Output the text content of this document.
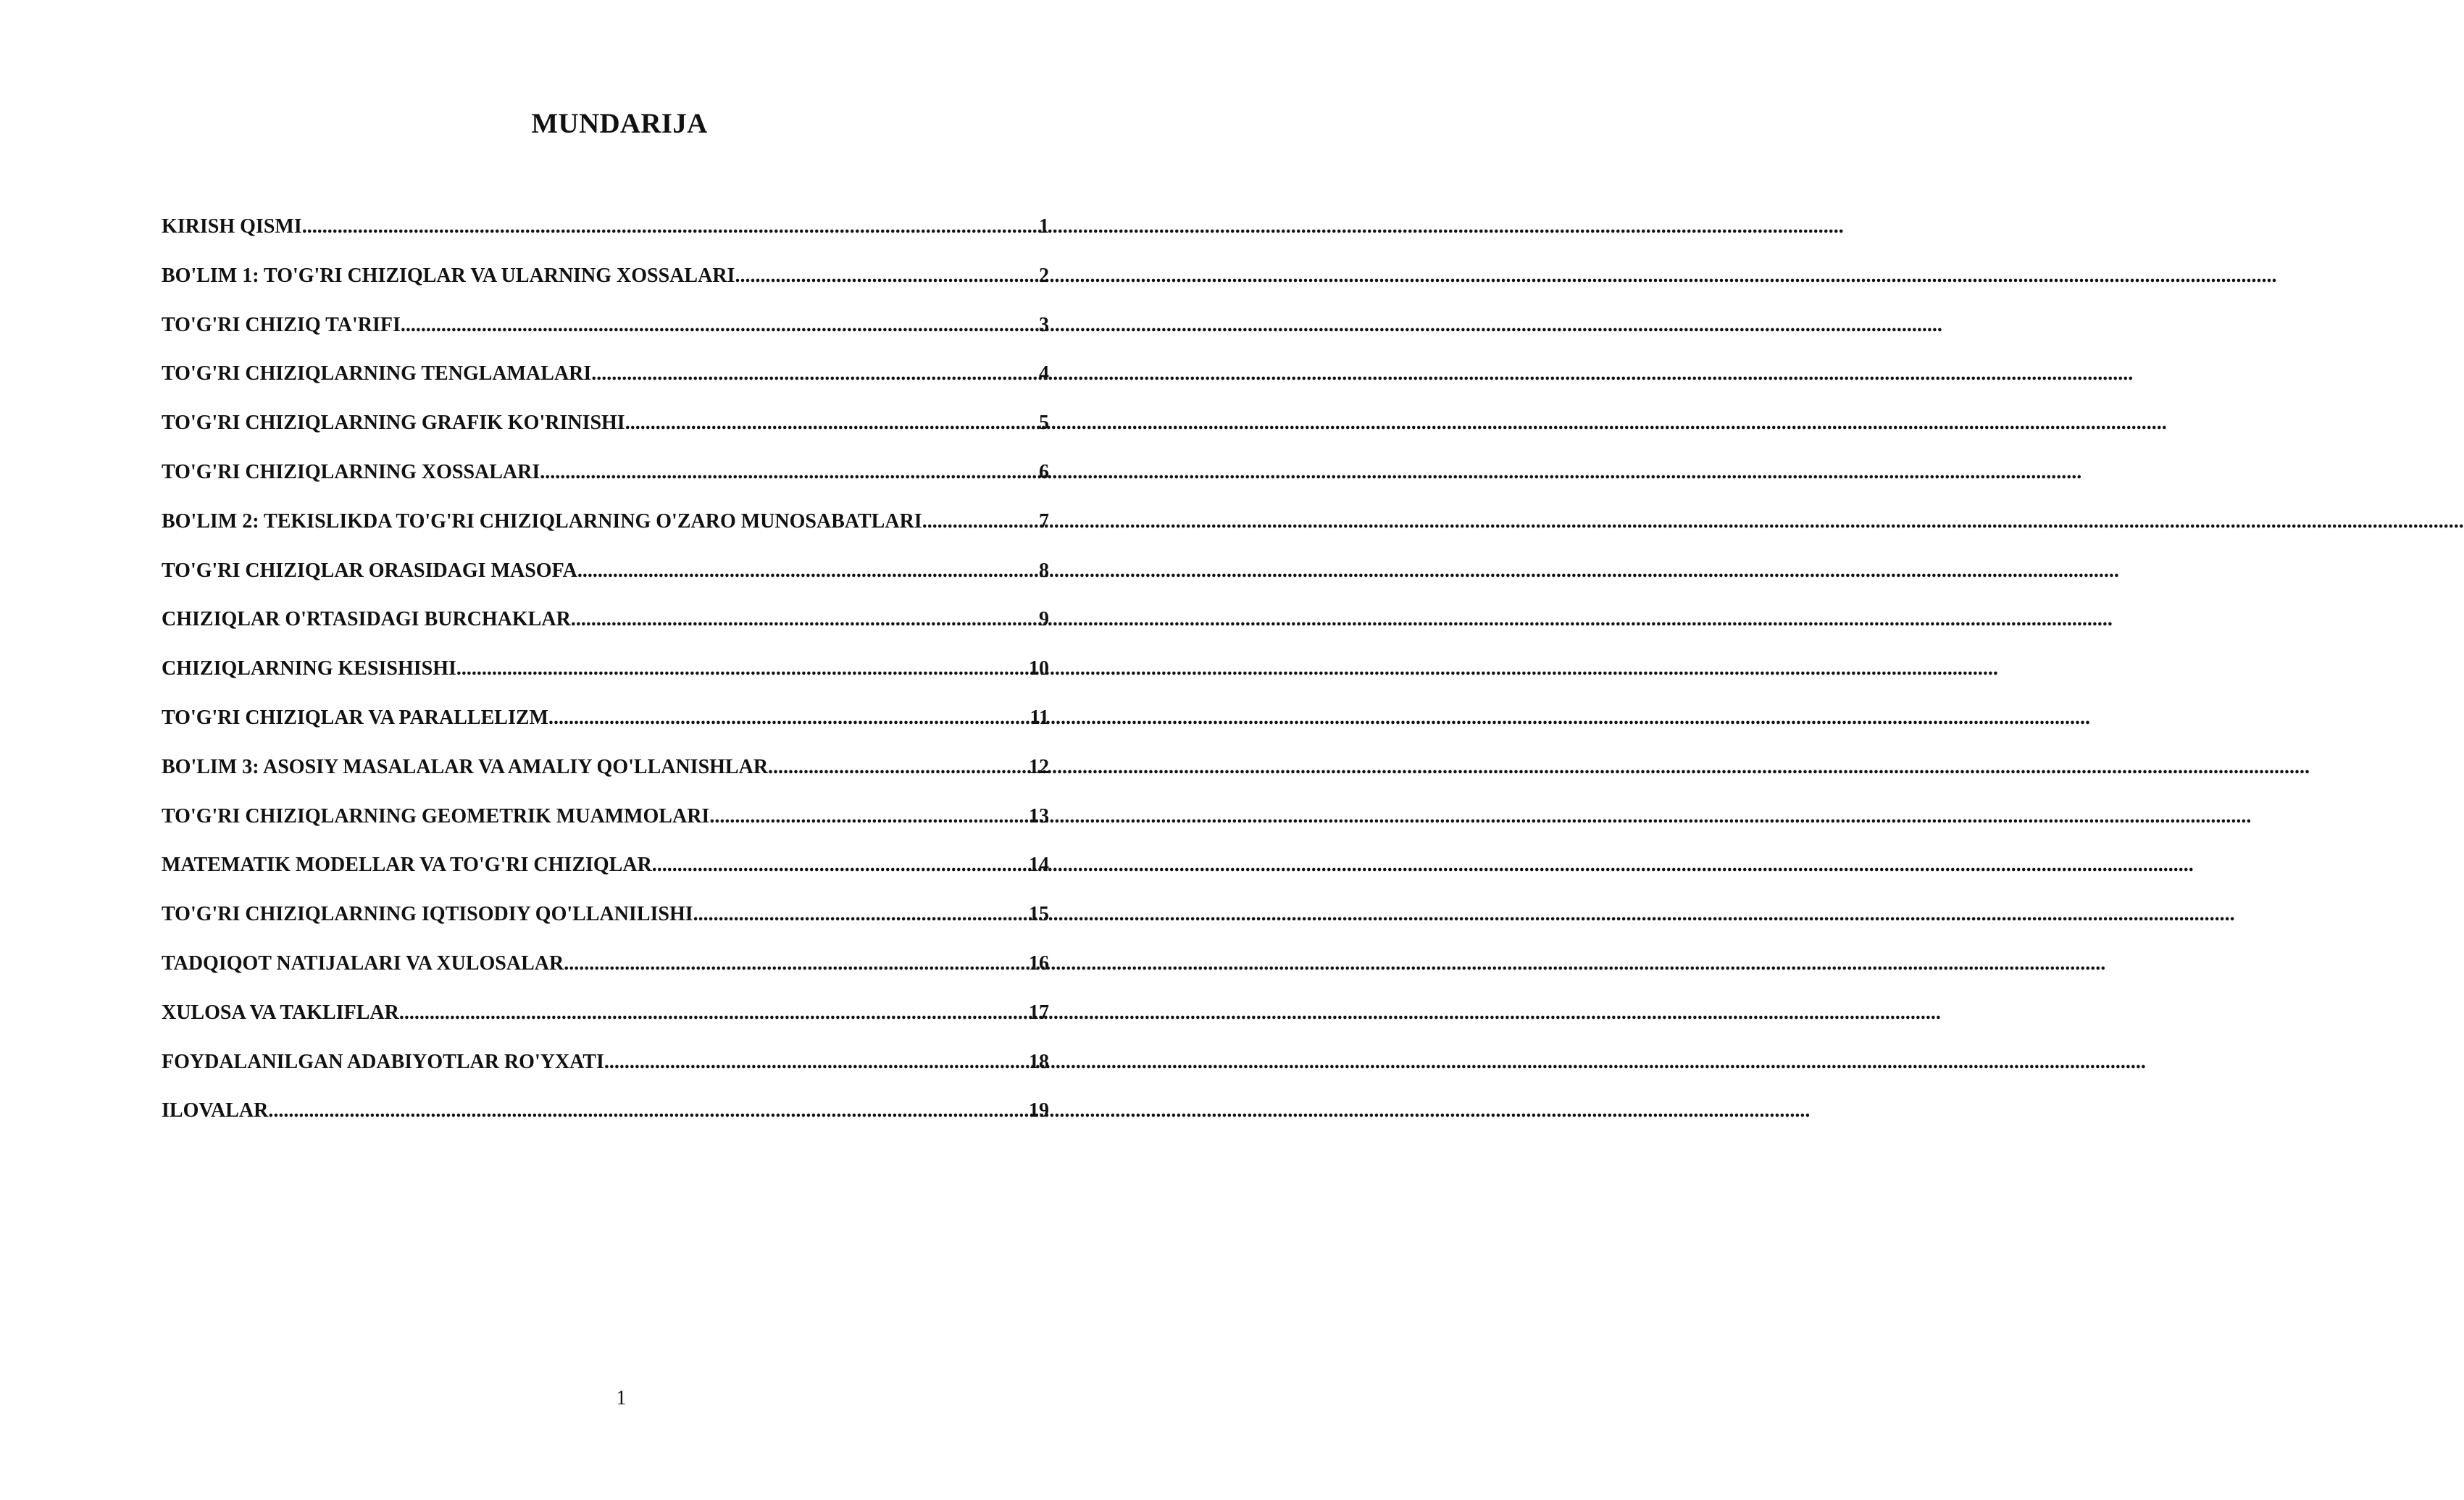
MUNDARIJA
KIRISH QISMI .....	1
BO'LIM 1: TO'G'RI CHIZIQLAR VA ULARNING XOSSALARI .....	2
TO'G'RI CHIZIQ TA'RIFI .....	3
TO'G'RI CHIZIQLARNING TENGLAMALARI .....	4
TO'G'RI CHIZIQLARNING GRAFIK KO'RINISHI .....	5
TO'G'RI CHIZIQLARNING XOSSALARI .....	6
BO'LIM 2: TEKISLIKDA TO'G'RI CHIZIQLARNING O'ZARO MUNOSABATLARI .....	7
TO'G'RI CHIZIQLAR ORASIDAGI MASOFA .....	8
CHIZIQLAR O'RTASIDAGI BURCHAKLAR .....	9
CHIZIQLARNING KESISHISHI .....	10
TO'G'RI CHIZIQLAR VA PARALLELIZM .....	11
BO'LIM 3: ASOSIY MASALALAR VA AMALIY QO'LLANISHLAR .....	12
TO'G'RI CHIZIQLARNING GEOMETRIK MUAMMOLARI .....	13
MATEMATIK MODELLAR VA TO'G'RI CHIZIQLAR .....	14
TO'G'RI CHIZIQLARNING IQTISODIY QO'LLANILISHI .....	15
TADQIQOT NATIJALARI VA XULOSALAR .....	16
XULOSA VA TAKLIFLAR .....	17
FOYDALANILGAN ADABIYOTLAR RO'YXATI .....	18
ILOVALAR .....	19
1
